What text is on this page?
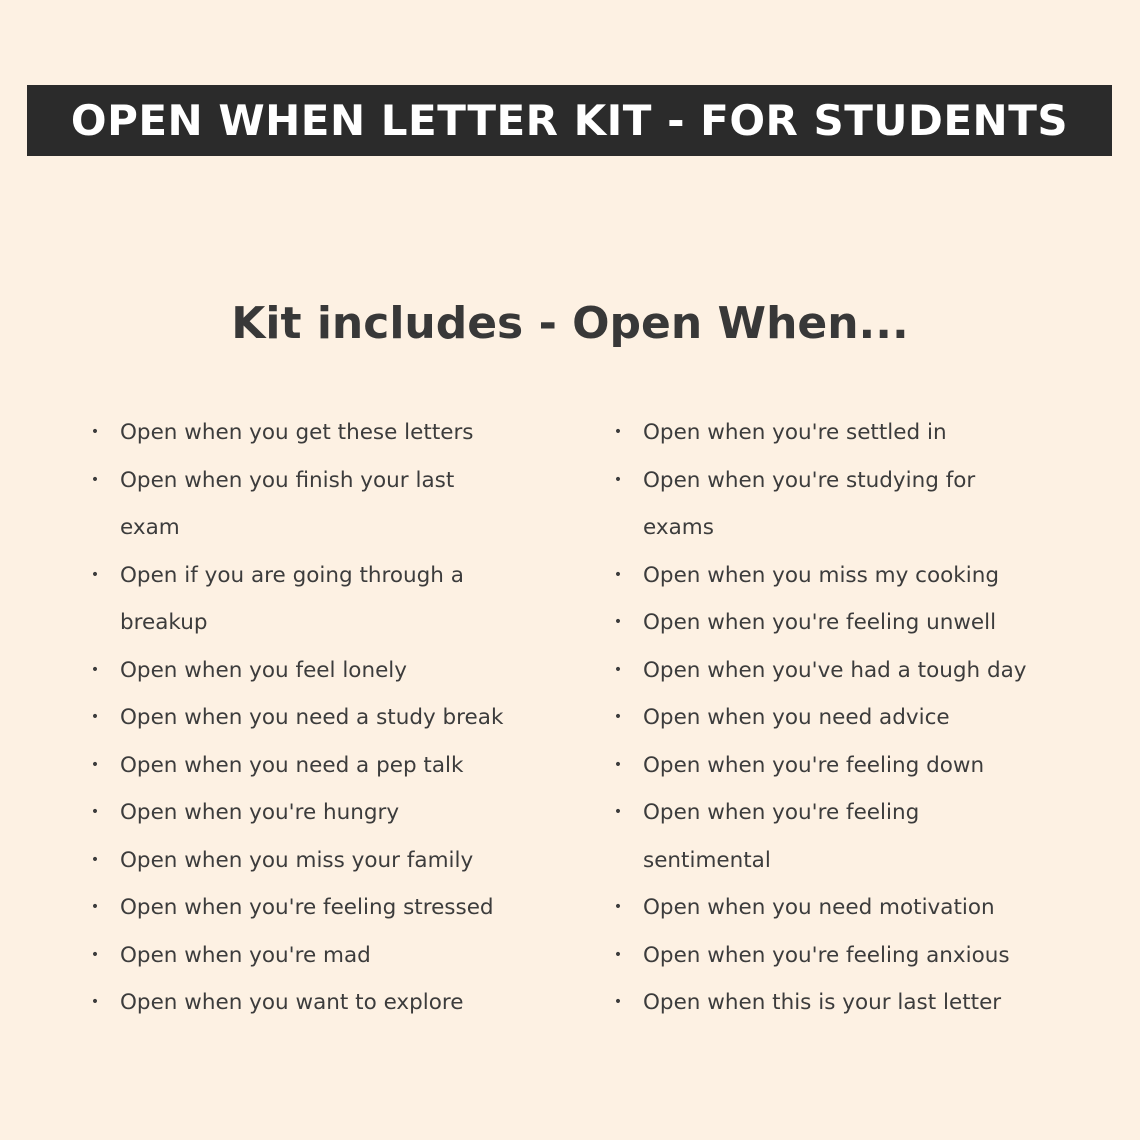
OPEN WHEN LETTER KIT - FOR STUDENTS
Kit includes - Open When...
• Open when you get these letters
• Open when you finish your last exam
• Open if you are going through a breakup
• Open when you feel lonely
• Open when you need a study break
• Open when you need a pep talk
• Open when you're hungry
• Open when you miss your family
• Open when you're feeling stressed
• Open when you're mad
• Open when you want to explore
• Open when you're settled in
• Open when you're studying for exams
• Open when you miss my cooking
• Open when you're feeling unwell
• Open when you've had a tough day
• Open when you need advice
• Open when you're feeling down
• Open when you're feeling sentimental
• Open when you need motivation
• Open when you're feeling anxious
• Open when this is your last letter
